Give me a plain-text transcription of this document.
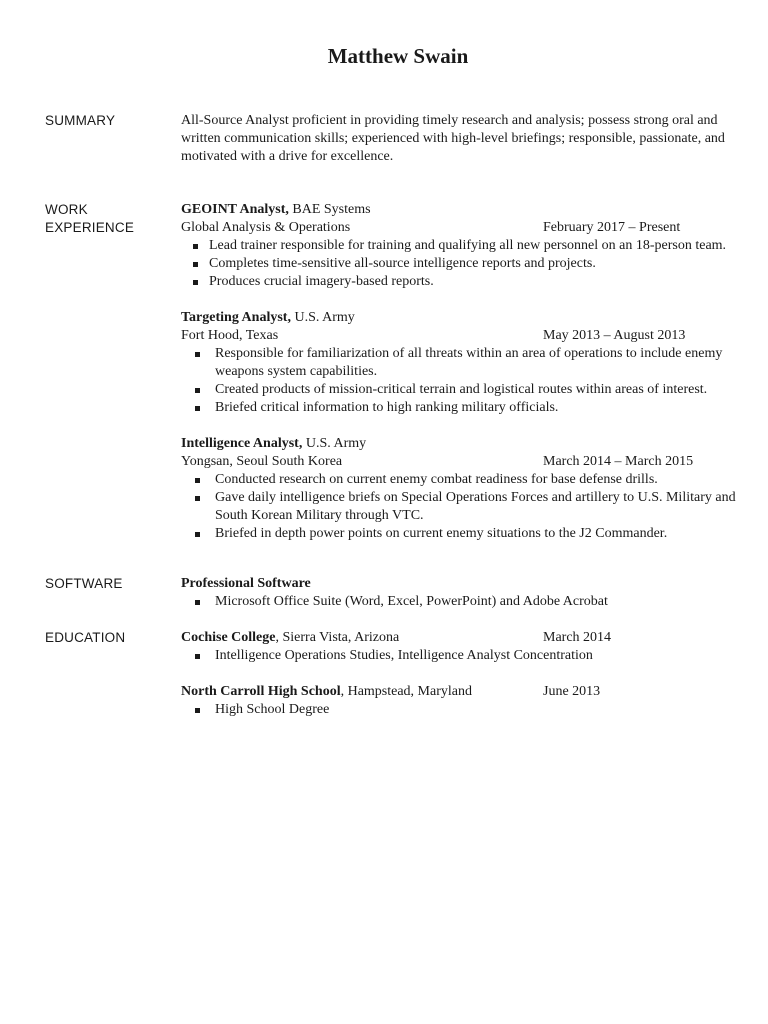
Matthew Swain
SUMMARY	All-Source Analyst proficient in providing timely research and analysis; possess strong oral and written communication skills; experienced with high-level briefings; responsible, passionate, and motivated with a drive for excellence.

WORK
EXPERIENCE
GEOINT Analyst, BAE Systems
Global Analysis & Operations	February 2017 – Present
Lead trainer responsible for training and qualifying all new personnel on an 18-person team.
Completes time-sensitive all-source intelligence reports and projects.
Produces crucial imagery-based reports.
Targeting Analyst, U.S. Army
Fort Hood, Texas	May 2013 – August 2013
Responsible for familiarization of all threats within an area of operations to include enemy weapons system capabilities.
Created products of mission-critical terrain and logistical routes within areas of interest.
Briefed critical information to high ranking military officials.
Intelligence Analyst, U.S. Army
Yongsan, Seoul South Korea	March 2014 – March 2015
Conducted research on current enemy combat readiness for base defense drills.
Gave daily intelligence briefs on Special Operations Forces and artillery to U.S. Military and South Korean Military through VTC.
Briefed in depth power points on current enemy situations to the J2 Commander.
SOFTWARE	Professional Software
Microsoft Office Suite (Word, Excel, PowerPoint) and Adobe Acrobat
EDUCATION	Cochise College, Sierra Vista, Arizona	March 2014
Intelligence Operations Studies, Intelligence Analyst Concentration
North Carroll High School, Hampstead, Maryland	June 2013
High School Degree
